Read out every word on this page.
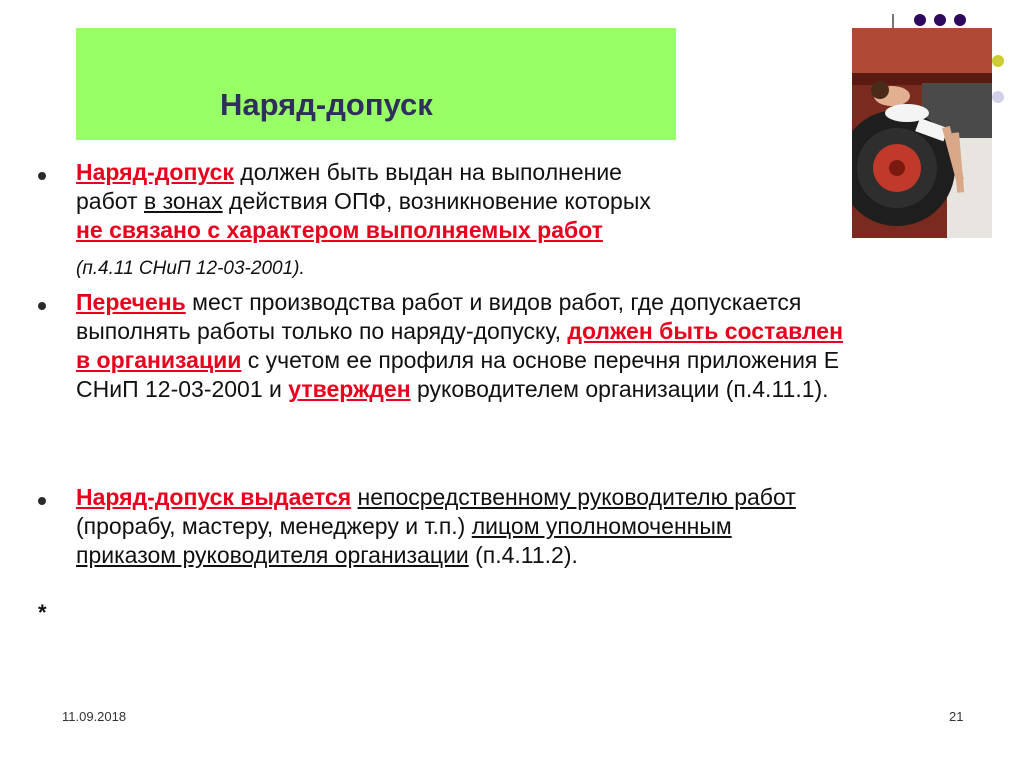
Наряд-допуск
Наряд-допуск должен быть выдан на выполнение
работ в зонах действия ОПФ, возникновение которых
не связано с характером выполняемых работ
(п.4.11 СНиП 12-03-2001).
Перечень мест производства работ и видов работ, где допускается выполнять работы только по наряду-допуску, должен быть составлен в организации с учетом ее профиля на основе перечня приложения Е СНиП 12-03-2001 и утвержден руководителем организации (п.4.11.1).
Наряд-допуск выдается непосредственному руководителю работ (прорабу, мастеру, менеджеру и т.п.) лицом уполномоченным приказом руководителя организации (п.4.11.2).
*
11.09.2018	21
